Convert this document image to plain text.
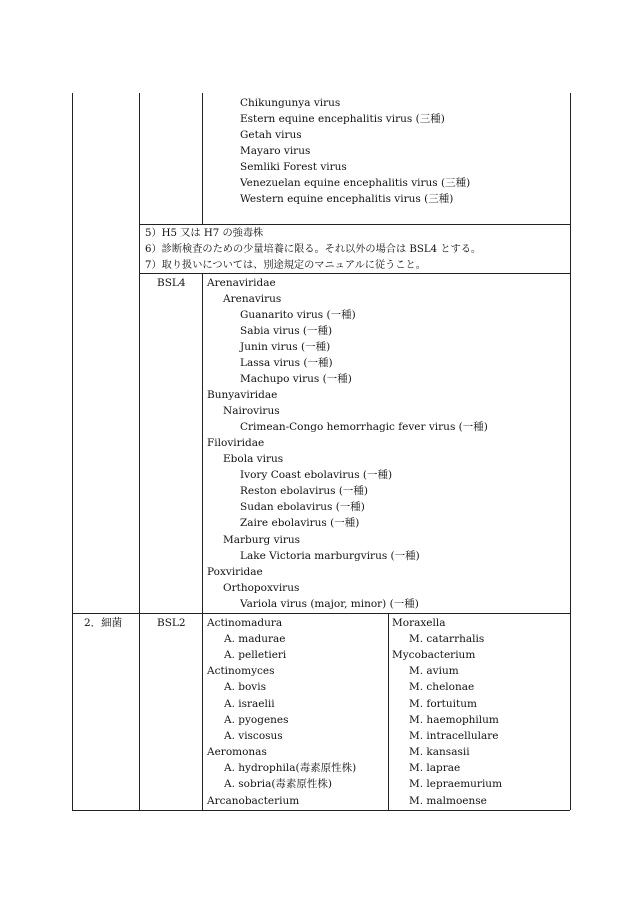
Chikungunya virus
Estern equine encephalitis virus (三種)
Getah virus
Mayaro virus
Semliki Forest virus
Venezuelan equine encephalitis virus (三種)
Western equine encephalitis virus (三種)
5）H5 又は H7 の強毒株
6）診断検査のための少量培養に限る。それ以外の場合は BSL4 とする。
7）取り扱いについては、別途規定のマニュアルに従うこと。
BSL4 Arenaviridae
Arenavirus
Guanarito virus (一種)
Sabia virus (一種)
Junin virus (一種)
Lassa virus (一種)
Machupo virus (一種)
Bunyaviridae
Nairovirus
Crimean-Congo hemorrhagic fever virus (一種)
Filoviridae
Ebola virus
Ivory Coast ebolavirus (一種)
Reston ebolavirus (一種)
Sudan ebolavirus (一種)
Zaire ebolavirus (一種)
Marburg virus
Lake Victoria marburgvirus (一種)
Poxviridae
Orthopoxvirus
Variola virus (major, minor) (一種)
2．細菌	BSL2 Actinomadura
A. madurae
A. pelletieri
Actinomyces
A. bovis
A. israelii
A. pyogenes
A. viscosus
Aeromonas
A. hydrophila(毒素原性株)
A. sobria(毒素原性株)
Arcanobacterium
Moraxella
M. catarrhalis
Mycobacterium
M. avium
M. chelonae
M. fortuitum
M. haemophilum
M. intracellulare
M. kansasii
M. laprae
M. lepraemurium
M. malmoense
